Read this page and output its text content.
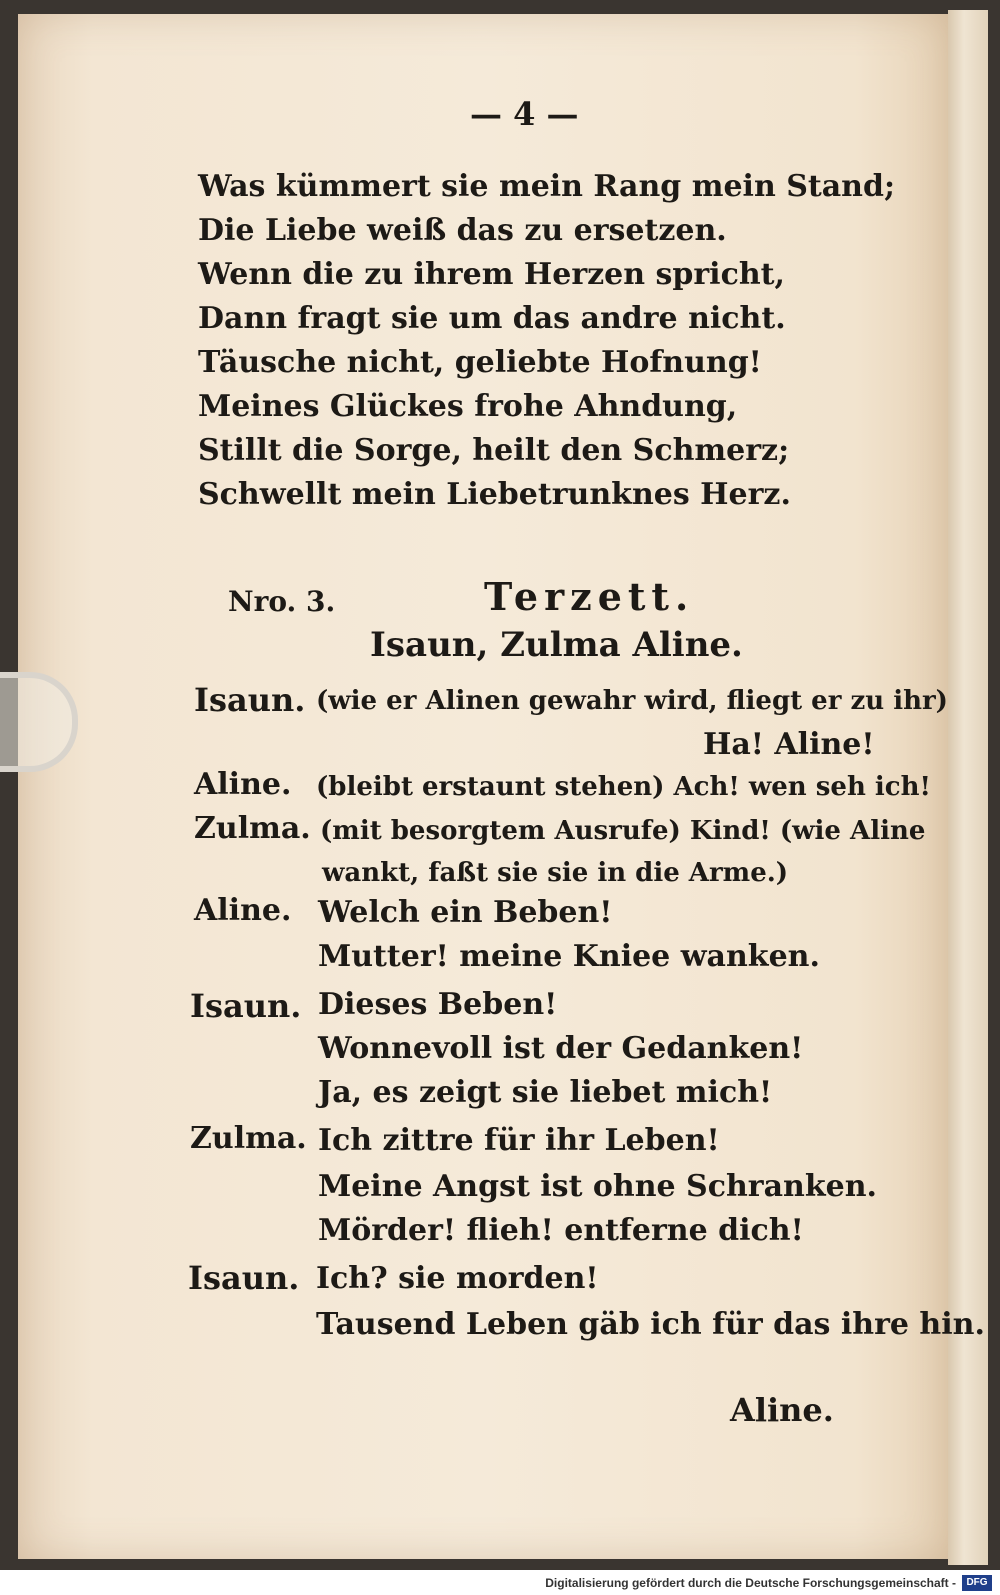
— 4 —
Was kümmert sie mein Rang mein Stand;
Die Liebe weiß das zu ersetzen.
Wenn die zu ihrem Herzen spricht,
Dann fragt sie um das andre nicht.
Täusche nicht, geliebte Hofnung!
Meines Glückes frohe Ahndung,
Stillt die Sorge, heilt den Schmerz;
Schwellt mein Liebetrunknes Herz.
Nro. 3.	Terzett.
Isaun, Zulma Aline.
Isaun. (wie er Alinen gewahr wird, fliegt er zu ihr)
Ha! Aline!
Aline. (bleibt erstaunt stehen) Ach! wen seh ich!
Zulma. (mit besorgtem Ausrufe) Kind! (wie Aline
wankt, faßt sie sie in die Arme.)
Aline. Welch ein Beben!
Mutter! meine Kniee wanken.
Isaun. Dieses Beben!
Wonnevoll ist der Gedanken!
Ja, es zeigt sie liebet mich!
Zulma. Ich zittre für ihr Leben!
Meine Angst ist ohne Schranken.
Mörder! flieh! entferne dich!
Isaun. Ich? sie morden!
Tausend Leben gäb ich für das ihre hin.
Aline.
Digitalisierung gefördert durch die Deutsche Forschungsgemeinschaft -	DFG
